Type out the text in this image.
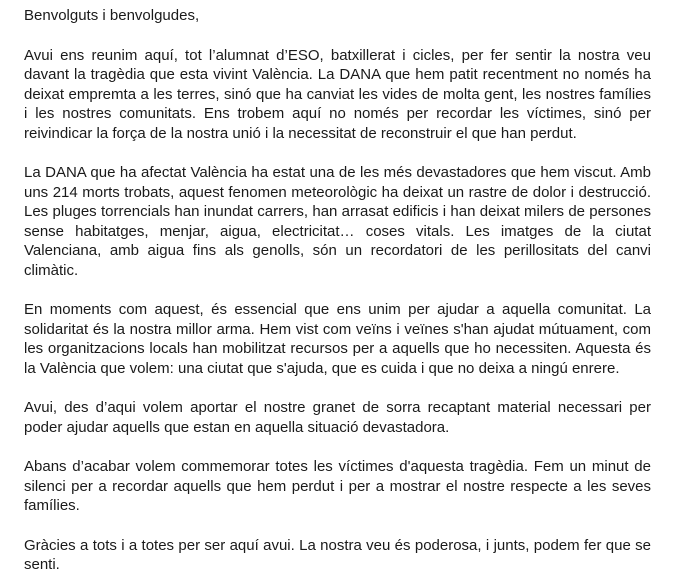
Benvolguts i benvolgudes,

Avui ens reunim aquí, tot l’alumnat d’ESO, batxillerat i cicles, per fer sentir la nostra veu davant la tragèdia que esta vivint València. La DANA que hem patit recentment no només ha deixat empremta a les terres, sinó que ha canviat les vides de molta gent, les nostres famílies i les nostres comunitats. Ens trobem aquí no només per recordar les víctimes, sinó per reivindicar la força de la nostra unió i la necessitat de reconstruir el que han perdut.

La DANA que ha afectat València ha estat una de les més devastadores que hem viscut. Amb uns 214 morts trobats, aquest fenomen meteorològic ha deixat un rastre de dolor i destrucció. Les pluges torrencials han inundat carrers, han arrasat edificis i han deixat milers de persones sense habitatges, menjar, aigua, electricitat… coses vitals. Les imatges de la ciutat Valenciana, amb aigua fins als genolls, són un recordatori de les perillositats del canvi climàtic.

En moments com aquest, és essencial que ens unim per ajudar a aquella comunitat. La solidaritat és la nostra millor arma. Hem vist com veïns i veïnes s'han ajudat mútuament, com les organitzacions locals han mobilitzat recursos per a aquells que ho necessiten. Aquesta és la València que volem: una ciutat que s'ajuda, que es cuida i que no deixa a ningú enrere.

Avui, des d’aqui volem aportar el nostre granet de sorra recaptant material necessari per poder ajudar aquells que estan en aquella situació devastadora.

Abans d’acabar volem commemorar totes les víctimes d'aquesta tragèdia. Fem un minut de silenci per a recordar aquells que hem perdut i per a mostrar el nostre respecte a les seves famílies.

Gràcies a tots i a totes per ser aquí avui. La nostra veu és poderosa, i junts, podem fer que se senti.
